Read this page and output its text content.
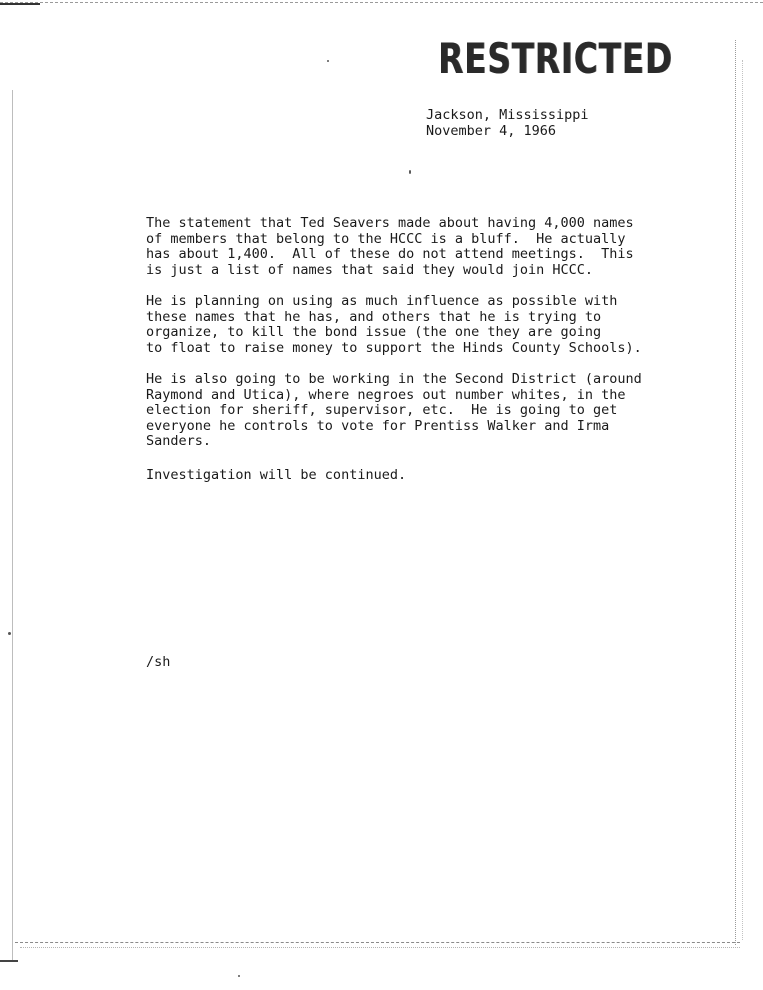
RESTRICTED
Jackson, Mississippi
November 4, 1966

The statement that Ted Seavers made about having 4,000 names
of members that belong to the HCCC is a bluff.  He actually
has about 1,400.  All of these do not attend meetings.  This
is just a list of names that said they would join HCCC.

He is planning on using as much influence as possible with
these names that he has, and others that he is trying to
organize, to kill the bond issue (the one they are going
to float to raise money to support the Hinds County Schools).

He is also going to be working in the Second District (around
Raymond and Utica), where negroes out number whites, in the
election for sheriff, supervisor, etc.  He is going to get
everyone he controls to vote for Prentiss Walker and Irma
Sanders.

Investigation will be continued.
/sh
